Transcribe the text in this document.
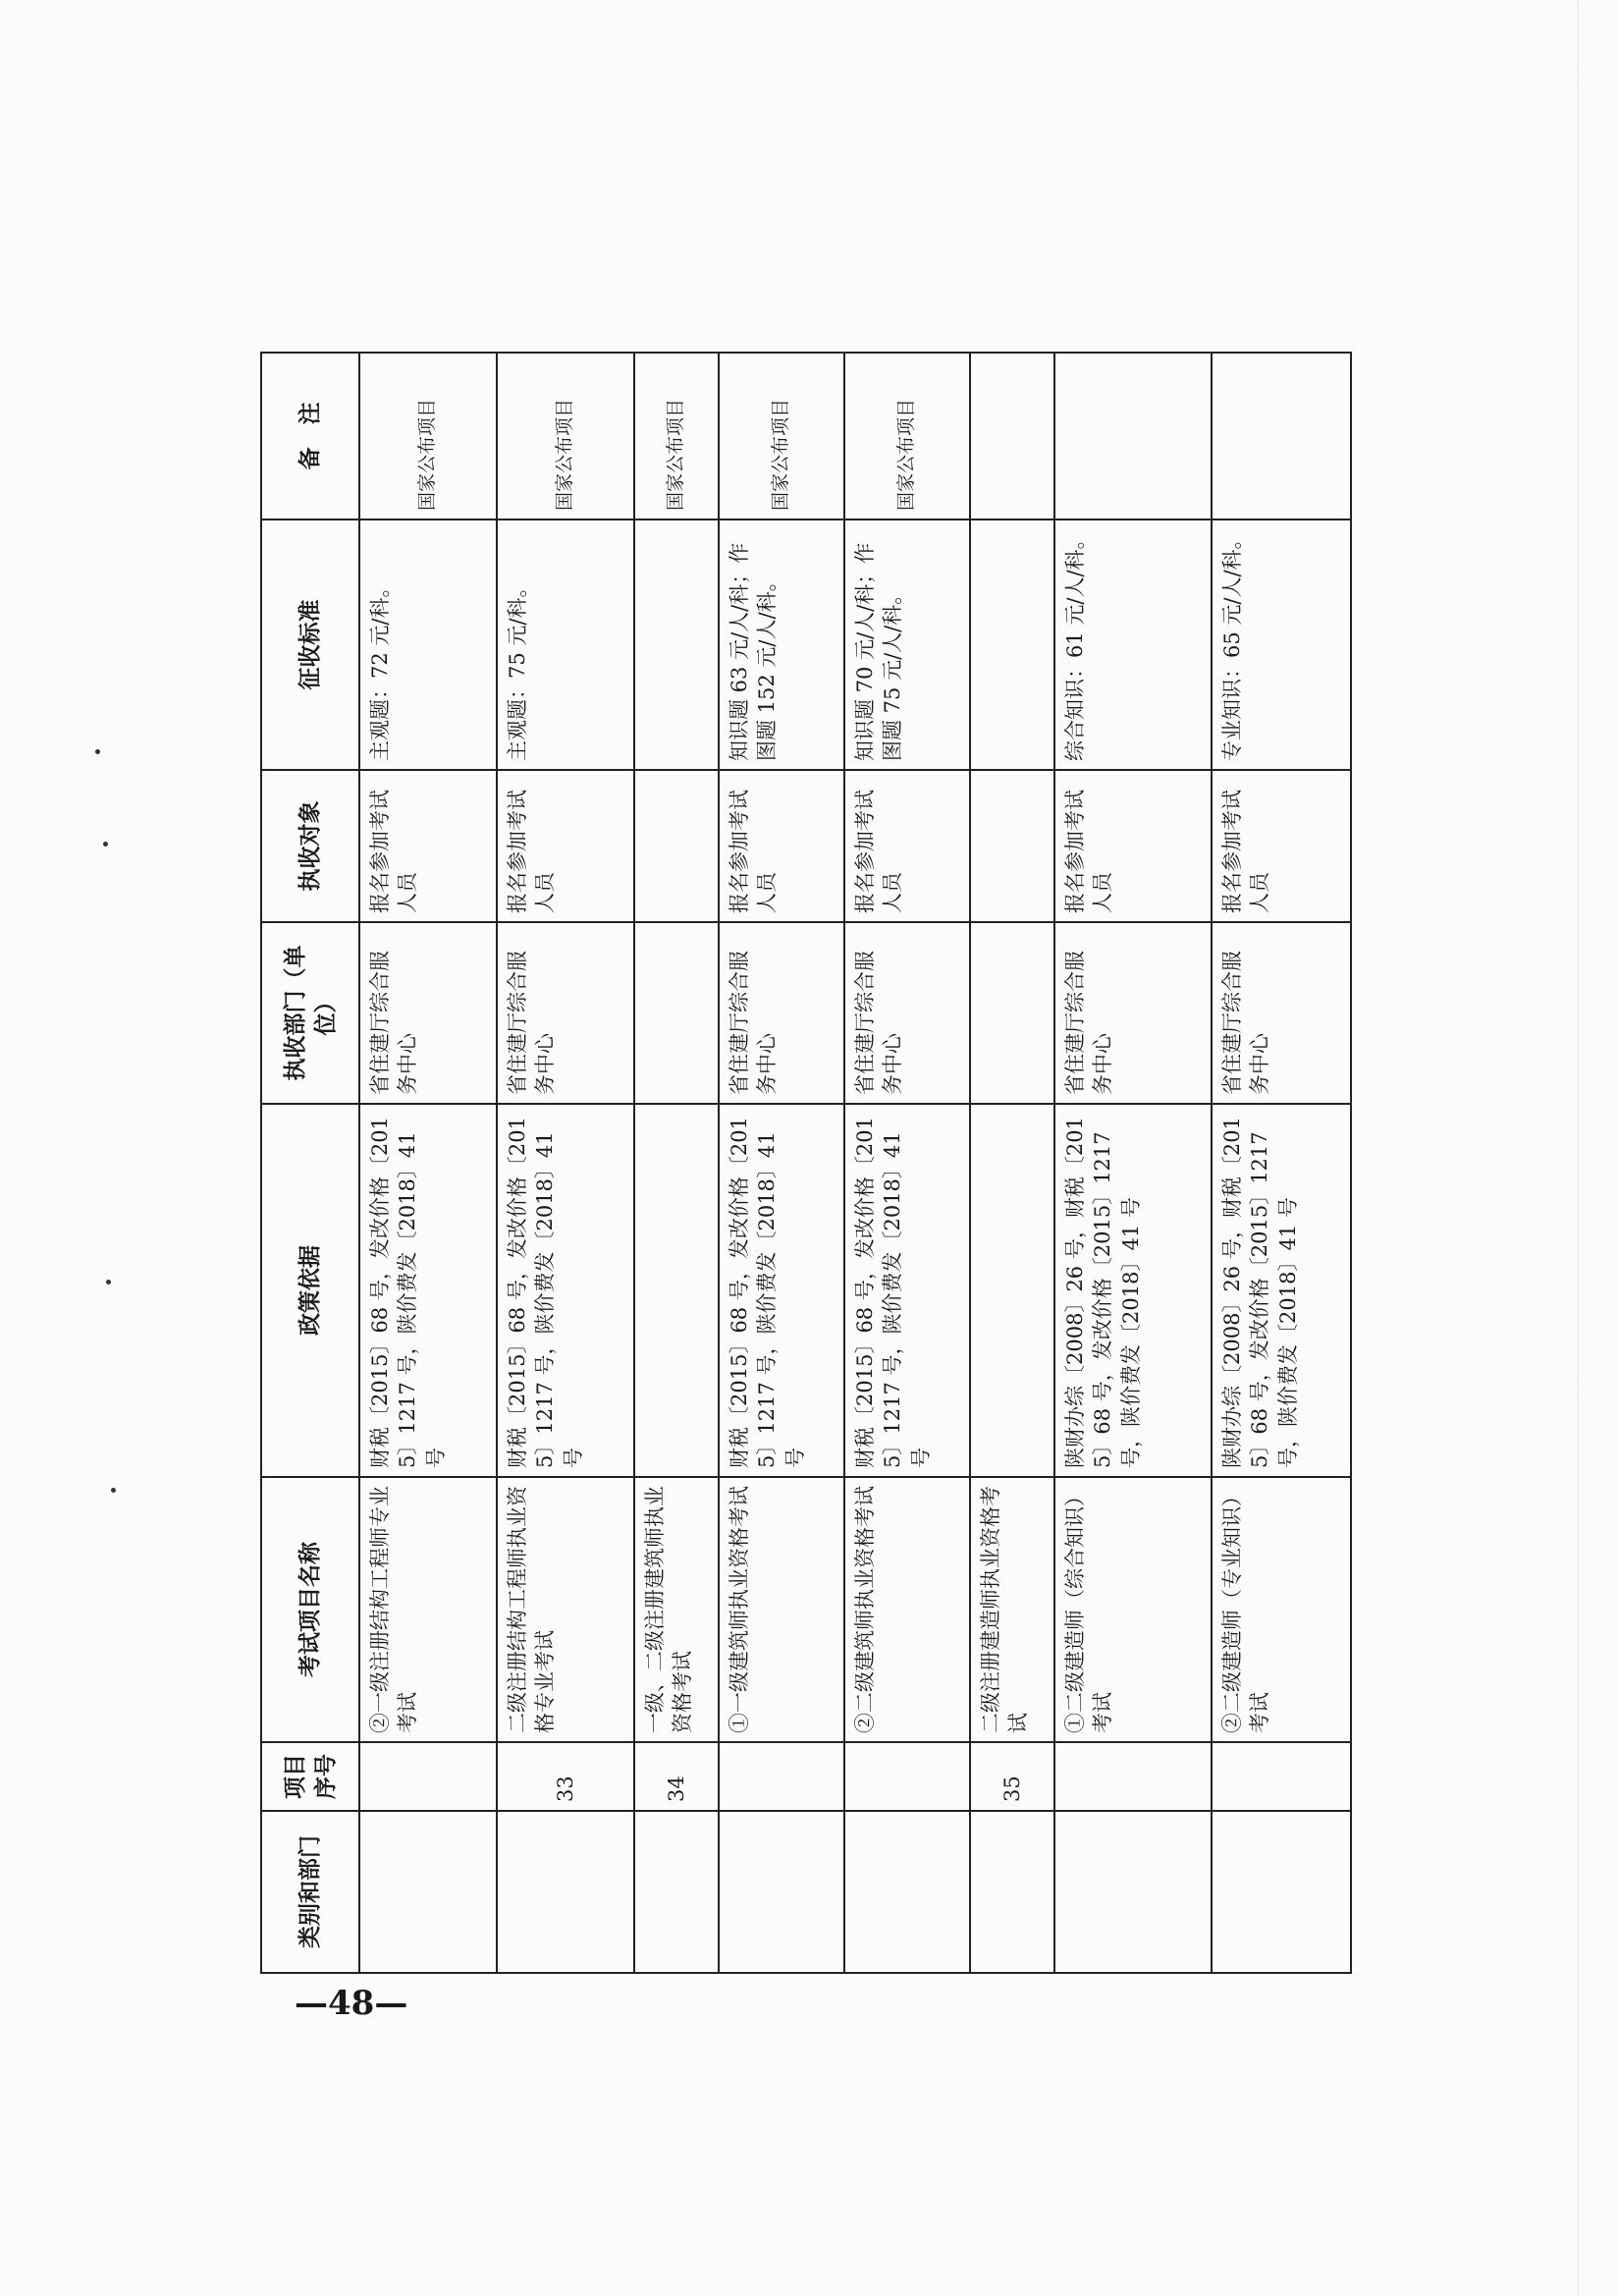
类别和部门	项目序号	考试项目名称	政策依据	执收部门（单位）	执收对象	征收标准	备　注
		②一级注册结构工程师专业考试	财税〔2015〕68 号，发改价格〔2015〕1217 号，陕价费发〔2018〕41 号	省住建厅综合服务中心	报名参加考试人员	主观题：72 元/科。	国家公布项目
	33	二级注册结构工程师执业资格专业考试	财税〔2015〕68 号，发改价格〔2015〕1217 号，陕价费发〔2018〕41 号	省住建厅综合服务中心	报名参加考试人员	主观题：75 元/科。	国家公布项目
	34	一级、二级注册建筑师执业资格考试					国家公布项目
		①一级建筑师执业资格考试	财税〔2015〕68 号，发改价格〔2015〕1217 号，陕价费发〔2018〕41 号	省住建厅综合服务中心	报名参加考试人员	知识题 63 元/人/科；作图题 152 元/人/科。	国家公布项目
		②二级建筑师执业资格考试	财税〔2015〕68 号，发改价格〔2015〕1217 号，陕价费发〔2018〕41 号	省住建厅综合服务中心	报名参加考试人员	知识题 70 元/人/科；作图题 75 元/人/科。	国家公布项目
	35	二级注册建造师执业资格考试					
		①二级建造师（综合知识）考试	陕财办综〔2008〕26 号，财税〔2015〕68 号，发改价格〔2015〕1217 号，陕价费发〔2018〕41 号	省住建厅综合服务中心	报名参加考试人员	综合知识：61 元/人/科。	
		②二级建造师（专业知识）考试	陕财办综〔2008〕26 号，财税〔2015〕68 号，发改价格〔2015〕1217 号，陕价费发〔2018〕41 号	省住建厅综合服务中心	报名参加考试人员	专业知识：65 元/人/科。	
—48—
